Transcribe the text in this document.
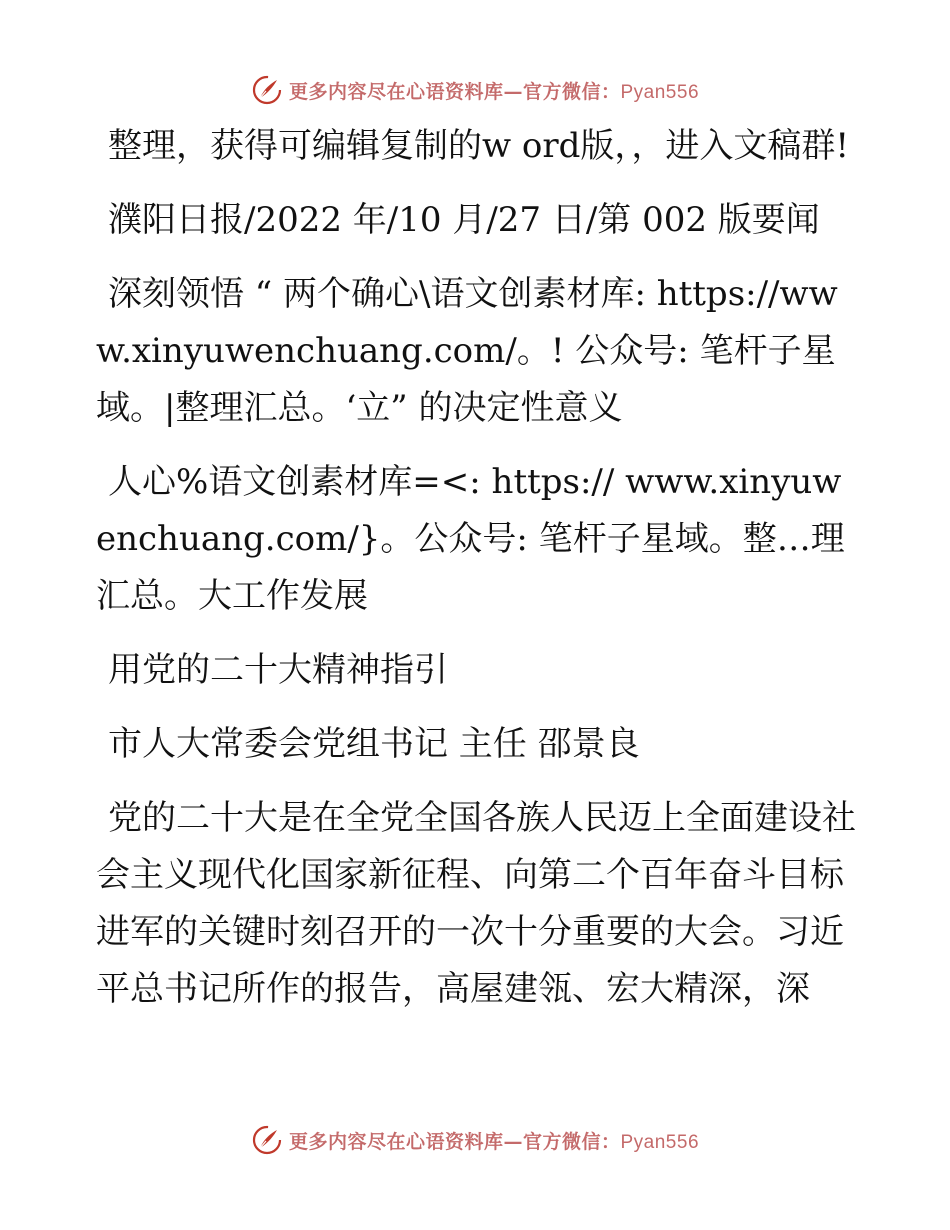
更多内容尽在心语资料库—官方微信：Pyan556

整理，获得可编辑复制的w ord版，，进入文稿群!

濮阳日报/2022 年/10 月/27 日/第 002 版要闻

深刻领悟 “ 两个确心\语文创素材库: https://www.xinyuwenchuang.com/。! 公众号: 笔杆子星域。|整理汇总。‘立” 的决定性意义

人心%语文创素材库=<: https:// www.xinyuwenchuang.com/}。公众号: 笔杆子星域。整…理汇总。大工作发展

用党的二十大精神指引

市人大常委会党组书记 主任 邵景良

党的二十大是在全党全国各族人民迈上全面建设社会主义现代化国家新征程、向第二个百年奋斗目标进军的关键时刻召开的一次十分重要的大会。习近平总书记所作的报告，高屋建瓴、宏大精深，深

更多内容尽在心语资料库—官方微信：Pyan556
